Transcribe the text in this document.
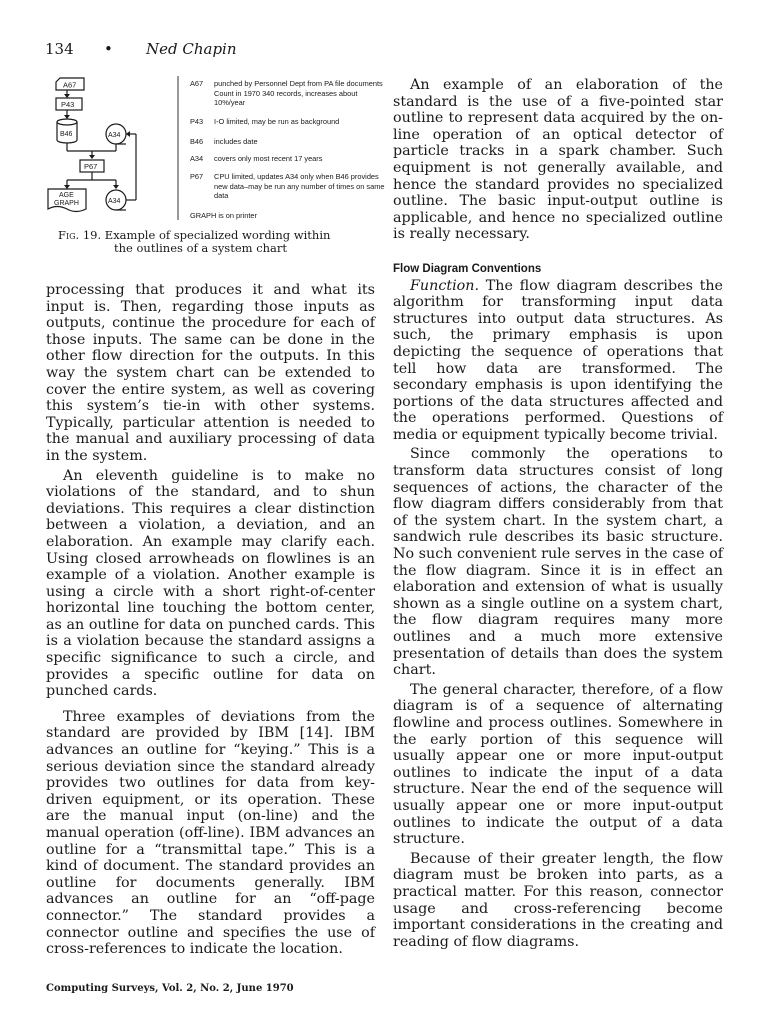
134 • Ned Chapin
A67
P43
B46	A34
P67
AGE
GRAPH	A34
A67	punched by Personnel Dept from PA file documents Count in 1970 340 records, increases about 10%/year
P43	I-O limited, may be run as background
B46	includes date
A34	covers only most recent 17 years
P67	CPU limited, updates A34 only when B46 provides new data–may be run any number of times on same data
GRAPH is on printer
Fig. 19. Example of specialized wording within
the outlines of a system chart

processing that produces it and what its input is. Then, regarding those inputs as outputs, continue the procedure for each of those inputs. The same can be done in the other flow direction for the outputs. In this way the system chart can be extended to cover the entire system, as well as covering this system’s tie-in with other systems. Typically, particular attention is needed to the manual and auxiliary processing of data in the system.

An eleventh guideline is to make no violations of the standard, and to shun deviations. This requires a clear distinction between a violation, a deviation, and an elaboration. An example may clarify each. Using closed arrowheads on flowlines is an example of a violation. Another example is using a circle with a short right-of-center horizontal line touching the bottom center, as an outline for data on punched cards. This is a violation because the standard assigns a specific significance to such a circle, and provides a specific outline for data on punched cards.

Three examples of deviations from the standard are provided by IBM [14]. IBM advances an outline for “keying.” This is a serious deviation since the standard already provides two outlines for data from key-driven equipment, or its operation. These are the manual input (on-line) and the manual operation (off-line). IBM advances an outline for a “transmittal tape.” This is a kind of document. The standard provides an outline for documents generally. IBM advances an outline for an “off-page connector.” The standard provides a connector outline and specifies the use of cross-references to indicate the location.

An example of an elaboration of the standard is the use of a five-pointed star outline to represent data acquired by the on-line operation of an optical detector of particle tracks in a spark chamber. Such equipment is not generally available, and hence the standard provides no specialized outline. The basic input-output outline is applicable, and hence no specialized outline is really necessary.

Flow Diagram Conventions

Function. The flow diagram describes the algorithm for transforming input data structures into output data structures. As such, the primary emphasis is upon depicting the sequence of operations that tell how data are transformed. The secondary emphasis is upon identifying the portions of the data structures affected and the operations performed. Questions of media or equipment typically become trivial.

Since commonly the operations to transform data structures consist of long sequences of actions, the character of the flow diagram differs considerably from that of the system chart. In the system chart, a sandwich rule describes its basic structure. No such convenient rule serves in the case of the flow diagram. Since it is in effect an elaboration and extension of what is usually shown as a single outline on a system chart, the flow diagram requires many more outlines and a much more extensive presentation of details than does the system chart.

The general character, therefore, of a flow diagram is of a sequence of alternating flowline and process outlines. Somewhere in the early portion of this sequence will usually appear one or more input-output outlines to indicate the input of a data structure. Near the end of the sequence will usually appear one or more input-output outlines to indicate the output of a data structure.

Because of their greater length, the flow diagram must be broken into parts, as a practical matter. For this reason, connector usage and cross-referencing become important considerations in the creating and reading of flow diagrams.

Computing Surveys, Vol. 2, No. 2, June 1970
